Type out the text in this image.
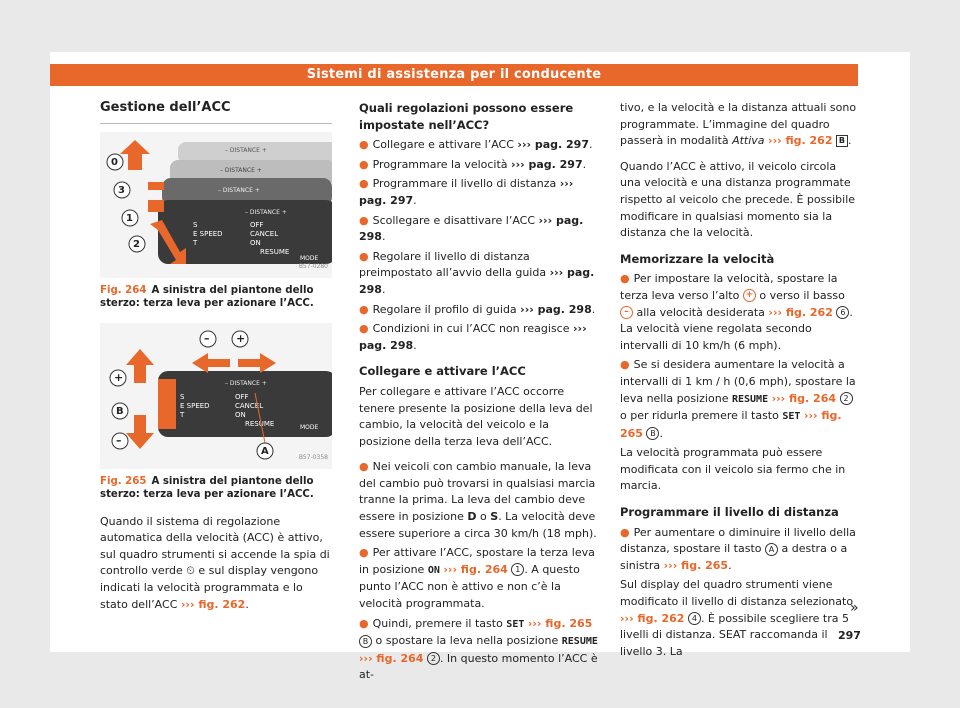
Sistemi di assistenza per il conducente
Gestione dell’ACC
– DISTANCE +
– DISTANCE +
– DISTANCE +
– DISTANCE +
S
E SPEED
T
OFF
CANCEL
ON
RESUME
MODE
0
3
1
2
B57-0280
Fig. 264 A sinistra del piantone dello sterzo: terza leva per azionare l’ACC.
– DISTANCE +
S
E SPEED
T
OFF
CANCEL
ON
RESUME	MODE
– +
+
B
–
A
B57-0358
Fig. 265 A sinistra del piantone dello sterzo: terza leva per azionare l’ACC.

Quando il sistema di regolazione automatica della velocità (ACC) è attivo, sul quadro strumenti si accende la spia di controllo verde ⏲ e sul display vengono indicati la velocità programmata e lo stato dell’ACC ››› fig. 262.

Quali regolazioni possono essere impostate nell’ACC?
● Collegare e attivare l’ACC ››› pag. 297.
● Programmare la velocità ››› pag. 297.
● Programmare il livello di distanza ››› pag. 297.
● Scollegare e disattivare l’ACC ››› pag. 298.
● Regolare il livello di distanza preimpostato all’avvio della guida ››› pag. 298.
● Regolare il profilo di guida ››› pag. 298.
● Condizioni in cui l’ACC non reagisce ››› pag. 298.
Collegare e attivare l’ACC

Per collegare e attivare l’ACC occorre tenere presente la posizione della leva del cambio, la velocità del veicolo e la posizione della terza leva dell’ACC.

● Nei veicoli con cambio manuale, la leva del cambio può trovarsi in qualsiasi marcia tranne la prima. La leva del cambio deve essere in posizione D o S. La velocità deve essere superiore a circa 30 km/h (18 mph).

● Per attivare l’ACC, spostare la terza leva in posizione ON ››› fig. 264 1 . A questo punto l’ACC non è attivo e non c’è la velocità programmata.

● Quindi, premere il tasto SET ››› fig. 265 B o spostare la leva nella posizione RESUME ››› fig. 264 2 . In questo momento l’ACC è at-

tivo, e la velocità e la distanza attuali sono programmate. L’immagine del quadro passerà in modalità Attiva ››› fig. 262 B .

Quando l’ACC è attivo, il veicolo circola una velocità e una distanza programmate rispetto al veicolo che precede. È possibile modificare in qualsiasi momento sia la distanza che la velocità.

Memorizzare la velocità

● Per impostare la velocità, spostare la terza leva verso l’alto + o verso il basso – alla velocità desiderata ››› fig. 262 6 . La velocità viene regolata secondo intervalli di 10 km/h (6 mph).

● Se si desidera aumentare la velocità a intervalli di 1 km / h (0,6 mph), spostare la leva nella posizione RESUME ››› fig. 264 2 o per ridurla premere il tasto SET ››› fig. 265 B .

La velocità programmata può essere modificata con il veicolo sia fermo che in marcia.

Programmare il livello di distanza

● Per aumentare o diminuire il livello della distanza, spostare il tasto A a destra o a sinistra ››› fig. 265.

Sul display del quadro strumenti viene modificato il livello di distanza selezionato ››› fig. 262 4 . È possibile scegliere tra 5 livelli di distanza. SEAT raccomanda il livello 3. La

»
297
